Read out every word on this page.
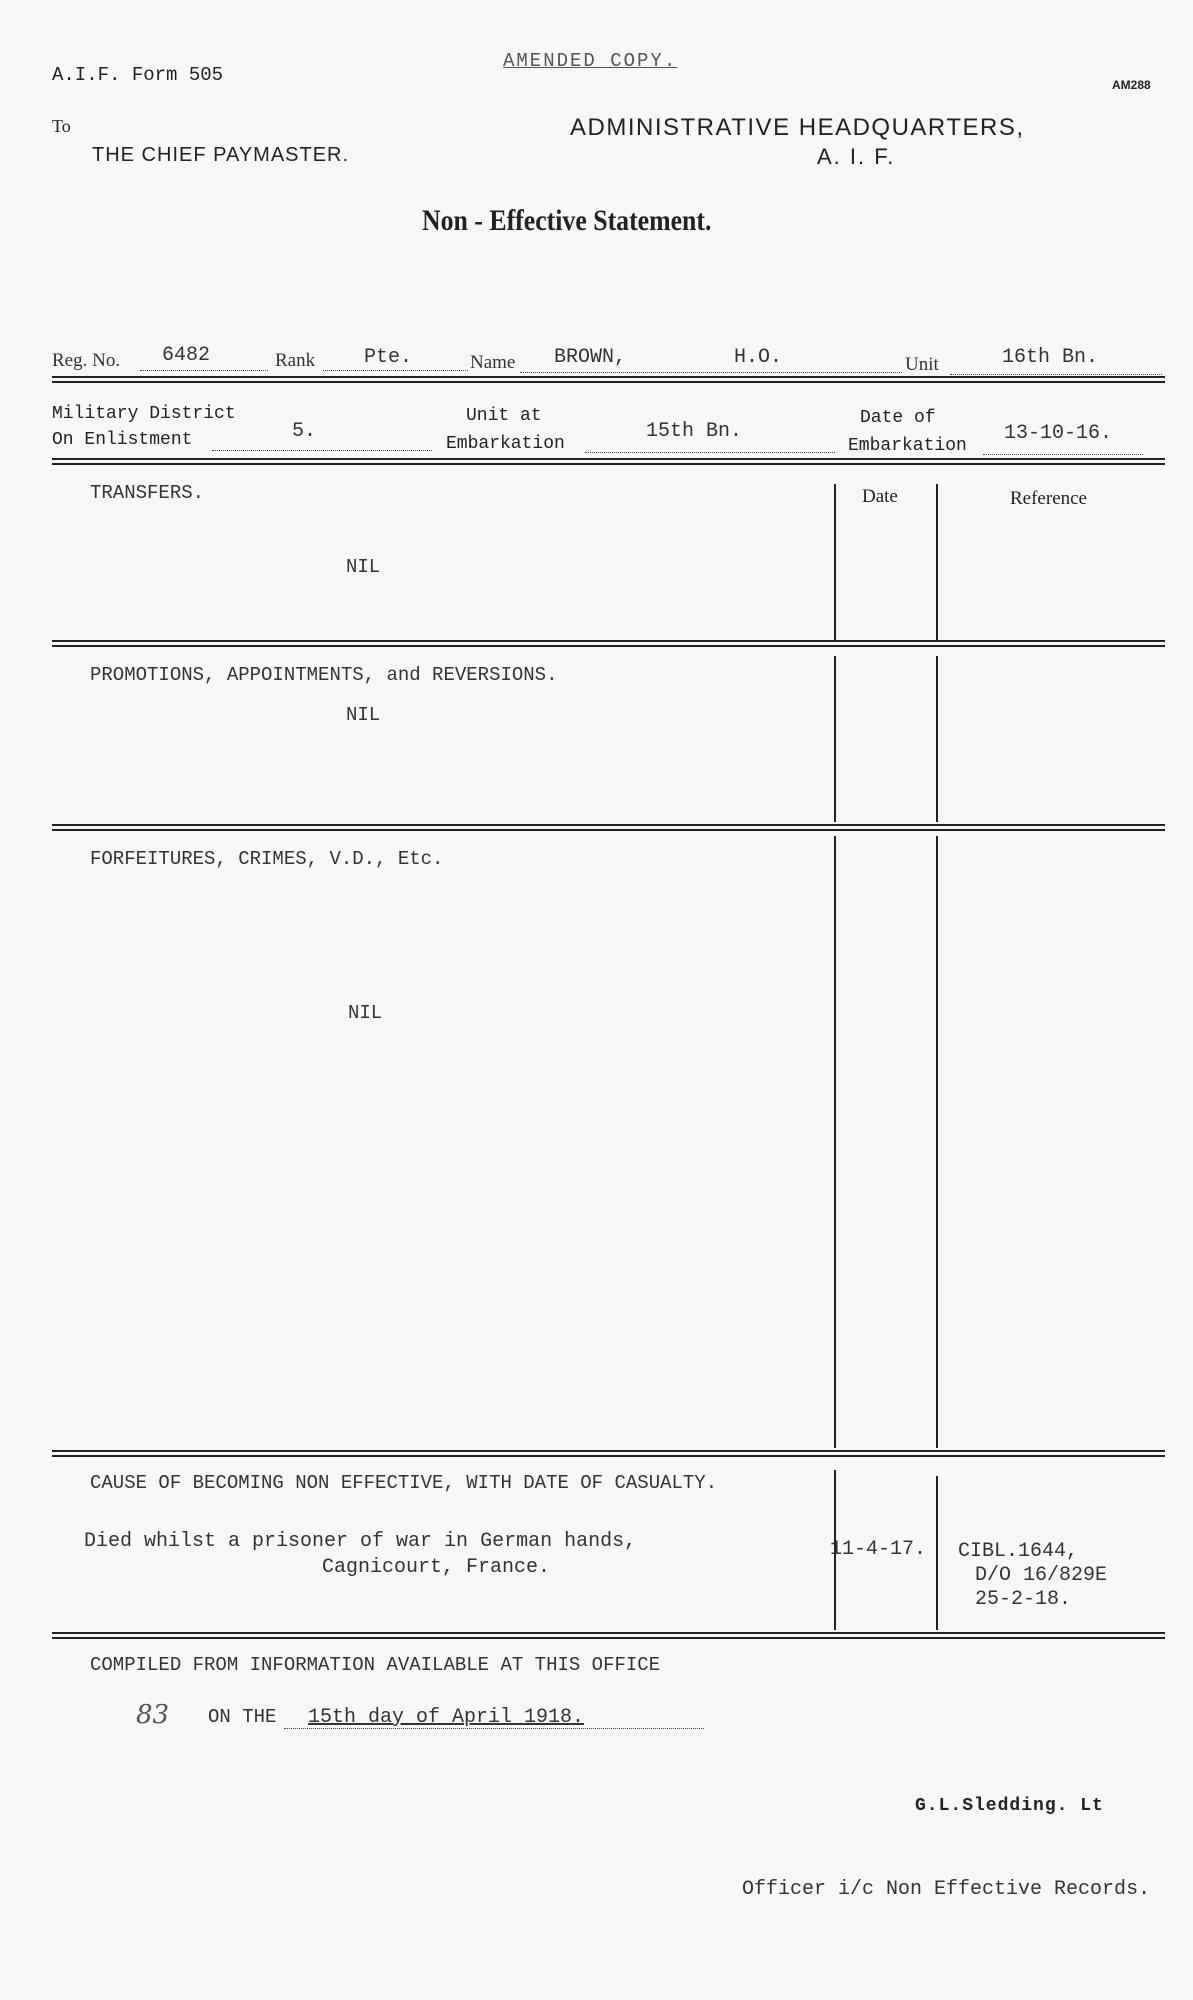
A.I.F. Form 505
AMENDED COPY.
AM288
To
THE CHIEF PAYMASTER.
ADMINISTRATIVE HEADQUARTERS,
A. I. F.
Non - Effective Statement.
Reg. No. 6482	Rank Pte.	Name BROWN,	H.O.	Unit	16th Bn.
Military District
On Enlistment	5.
Unit at
Embarkation
15th Bn.
Date of
Embarkation
13-10-16.
Date	Reference
TRANSFERS.
NIL
PROMOTIONS, APPOINTMENTS, and REVERSIONS.
NIL
FORFEITURES, CRIMES, V.D., Etc.
NIL
CAUSE OF BECOMING NON EFFECTIVE, WITH DATE OF CASUALTY.
Died whilst a prisoner of war in German hands,
Cagnicourt, France.
11-4-17. CIBL.1644,
D/O 16/829E
25-2-18.
COMPILED FROM INFORMATION AVAILABLE AT THIS OFFICE
83 ON THE 15th day of April 1918.
G.L.Sledding. Lt
Officer i/c Non Effective Records.
